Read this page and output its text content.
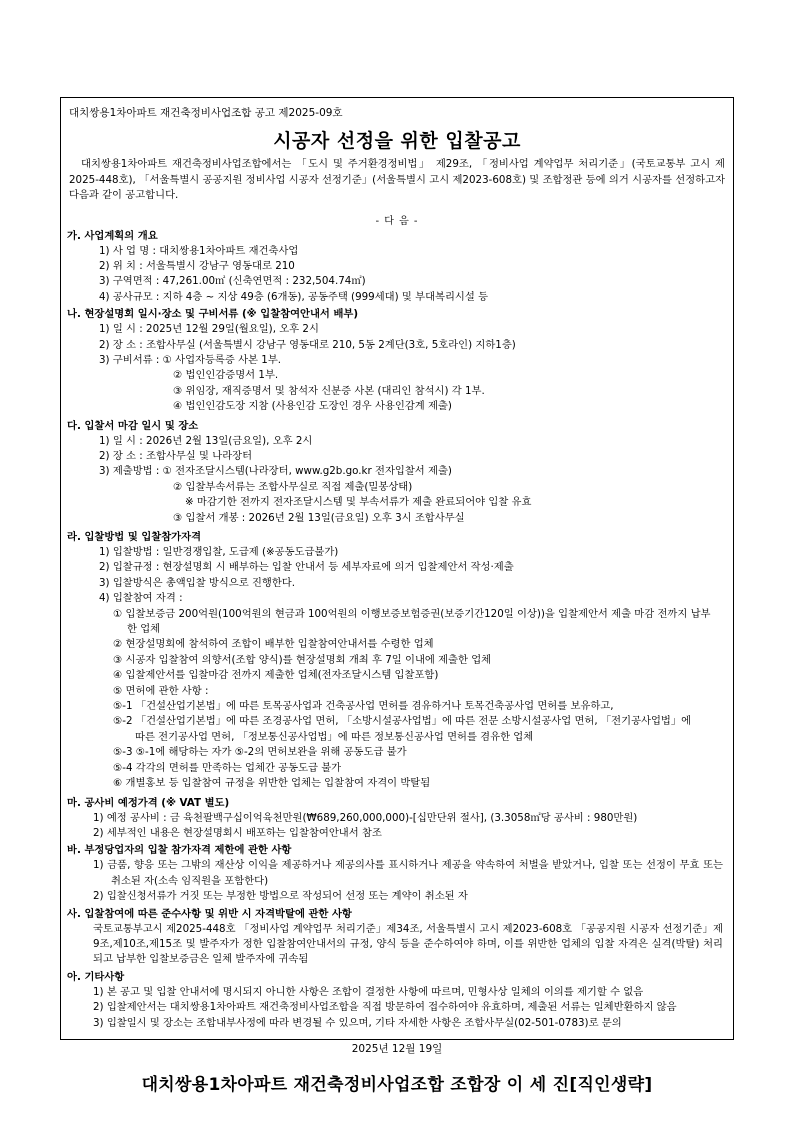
대치쌍용1차아파트 재건축정비사업조합 공고 제2025-09호
시공자 선정을 위한 입찰공고
대치쌍용1차아파트 재건축정비사업조합에서는 「도시 및 주거환경정비법」 제29조, 「정비사업 계약업무 처리기준」(국토교통부 고시 제2025-448호), 「서울특별시 공공지원 정비사업 시공자 선정기준」(서울특별시 고시 제2023-608호) 및 조합정관 등에 의거 시공자를 선정하고자 다음과 같이 공고합니다.
- 다 음 -
가. 사업계획의 개요
1) 사 업 명 : 대치쌍용1차아파트 재건축사업
2) 위 치 : 서울특별시 강남구 영동대로 210
3) 구역면적 : 47,261.00㎡ (신축연면적 : 232,504.74㎡)
4) 공사규모 : 지하 4층 ~ 지상 49층 (6개동), 공동주택 (999세대) 및 부대복리시설 등
나. 현장설명회 일시·장소 및 구비서류 (※ 입찰참여안내서 배부)
1) 일 시 : 2025년 12월 29일(월요일), 오후 2시
2) 장 소 : 조합사무실 (서울특별시 강남구 영동대로 210, 5동 2계단(3호, 5호라인) 지하1층)
3) 구비서류 : ① 사업자등록증 사본 1부.
② 법인인감증명서 1부.
③ 위임장, 재직증명서 및 참석자 신분증 사본 (대리인 참석시) 각 1부.
④ 법인인감도장 지참 (사용인감 도장인 경우 사용인감계 제출)
다. 입찰서 마감 일시 및 장소
1) 일 시 : 2026년 2월 13일(금요일), 오후 2시
2) 장 소 : 조합사무실 및 나라장터
3) 제출방법 : ① 전자조달시스템(나라장터, www.g2b.go.kr 전자입찰서 제출)
② 입찰부속서류는 조합사무실로 직접 제출(밀봉상태)
※ 마감기한 전까지 전자조달시스템 및 부속서류가 제출 완료되어야 입찰 유효
③ 입찰서 개봉 : 2026년 2월 13일(금요일) 오후 3시 조합사무실
라. 입찰방법 및 입찰참가자격
1) 입찰방법 : 일반경쟁입찰, 도급제 (※공동도급불가)
2) 입찰규정 : 현장설명회 시 배부하는 입찰 안내서 등 세부자료에 의거 입찰제안서 작성·제출
3) 입찰방식은 총액입찰 방식으로 진행한다.
4) 입찰참여 자격 :
① 입찰보증금 200억원(100억원의 현금과 100억원의 이행보증보험증권(보증기간120일 이상))을 입찰제안서 제출 마감 전까지 납부한 업체
② 현장설명회에 참석하여 조합이 배부한 입찰참여안내서를 수령한 업체
③ 시공자 입찰참여 의향서(조합 양식)를 현장설명회 개최 후 7일 이내에 제출한 업체
④ 입찰제안서를 입찰마감 전까지 제출한 업체(전자조달시스템 입찰포함)
⑤ 면허에 관한 사항 :
⑤-1 「건설산업기본법」에 따른 토목공사업과 건축공사업 면허를 겸유하거나 토목건축공사업 면허를 보유하고,
⑤-2 「건설산업기본법」에 따른 조경공사업 면허, 「소방시설공사업법」에 따른 전문 소방시설공사업 면허, 「전기공사업법」에
따른 전기공사업 면허, 「정보통신공사업법」에 따른 정보통신공사업 면허를 겸유한 업체
⑤-3 ⑤-1에 해당하는 자가 ⑤-2의 면허보완을 위해 공동도급 불가
⑤-4 각각의 면허를 만족하는 업체간 공동도급 불가
⑥ 개별홍보 등 입찰참여 규정을 위반한 업체는 입찰참여 자격이 박탈됨
마. 공사비 예정가격 (※ VAT 별도)
1) 예정 공사비 : 금 육천팔백구십이억육천만원(₩689,260,000,000)-[십만단위 절사], (3.3058㎡당 공사비 : 980만원)
2) 세부적인 내용은 현장설명회시 배포하는 입찰참여안내서 참조
바. 부정당업자의 입찰 참가자격 제한에 관한 사항
1) 금품, 향응 또는 그밖의 재산상 이익을 제공하거나 제공의사를 표시하거나 제공을 약속하여 처벌을 받았거나, 입찰 또는 선정이 무효 또는 취소된 자(소속 임직원을 포함한다)
2) 입찰신청서류가 거짓 또는 부정한 방법으로 작성되어 선정 또는 계약이 취소된 자
사. 입찰참여에 따른 준수사항 및 위반 시 자격박탈에 관한 사항
국토교통부고시 제2025-448호 「정비사업 계약업무 처리기준」제34조, 서울특별시 고시 제2023-608호 「공공지원 시공자 선정기준」제9조,제10조,제15조 및 발주자가 정한 입찰참여안내서의 규정, 양식 등을 준수하여야 하며, 이를 위반한 업체의 입찰 자격은 실격(박탈) 처리되고 납부한 입찰보증금은 일체 발주자에 귀속됨
아. 기타사항
1) 본 공고 및 입찰 안내서에 명시되지 아니한 사항은 조합이 결정한 사항에 따르며, 민형사상 일체의 이의를 제기할 수 없음
2) 입찰제안서는 대치쌍용1차아파트 재건축정비사업조합을 직접 방문하여 접수하여야 유효하며, 제출된 서류는 일체반환하지 않음
3) 입찰일시 및 장소는 조합내부사정에 따라 변경될 수 있으며, 기타 자세한 사항은 조합사무실(02-501-0783)로 문의
2025년 12월 19일
대치쌍용1차아파트 재건축정비사업조합 조합장 이 세 진[직인생략]
